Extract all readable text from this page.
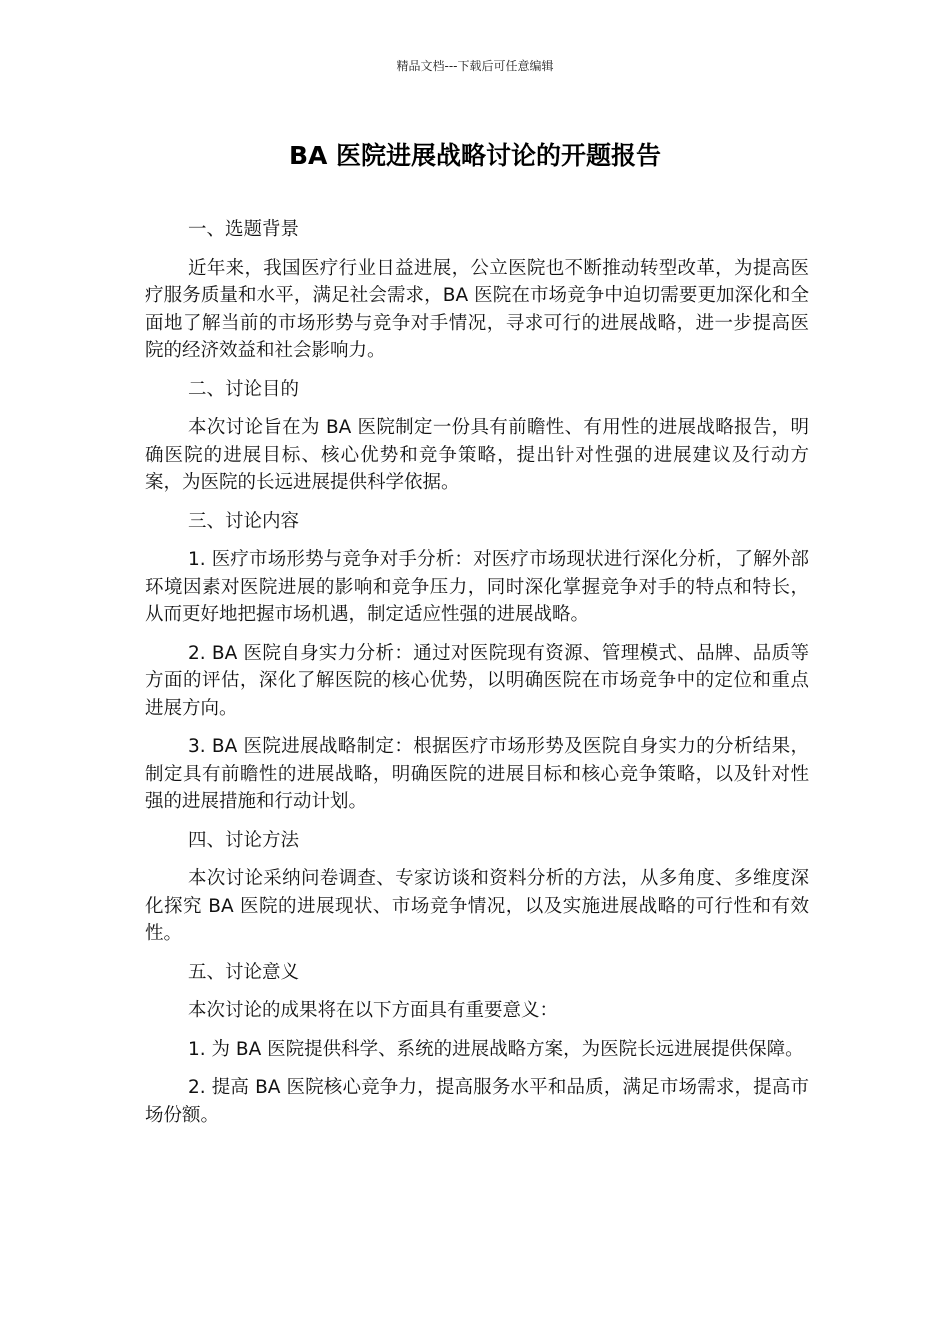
精品文档---下载后可任意编辑
BA 医院进展战略讨论的开题报告

一、选题背景

近年来，我国医疗行业日益进展，公立医院也不断推动转型改革，为提高医疗服务质量和水平，满足社会需求，BA 医院在市场竞争中迫切需要更加深化和全面地了解当前的市场形势与竞争对手情况，寻求可行的进展战略，进一步提高医院的经济效益和社会影响力。

二、讨论目的

本次讨论旨在为 BA 医院制定一份具有前瞻性、有用性的进展战略报告，明确医院的进展目标、核心优势和竞争策略，提出针对性强的进展建议及行动方案，为医院的长远进展提供科学依据。

三、讨论内容

1. 医疗市场形势与竞争对手分析：对医疗市场现状进行深化分析，了解外部环境因素对医院进展的影响和竞争压力，同时深化掌握竞争对手的特点和特长，从而更好地把握市场机遇，制定适应性强的进展战略。

2. BA 医院自身实力分析：通过对医院现有资源、管理模式、品牌、品质等方面的评估，深化了解医院的核心优势，以明确医院在市场竞争中的定位和重点进展方向。

3. BA 医院进展战略制定：根据医疗市场形势及医院自身实力的分析结果，制定具有前瞻性的进展战略，明确医院的进展目标和核心竞争策略，以及针对性强的进展措施和行动计划。

四、讨论方法

本次讨论采纳问卷调查、专家访谈和资料分析的方法，从多角度、多维度深化探究 BA 医院的进展现状、市场竞争情况，以及实施进展战略的可行性和有效性。

五、讨论意义

本次讨论的成果将在以下方面具有重要意义：

1. 为 BA 医院提供科学、系统的进展战略方案，为医院长远进展提供保障。

2. 提高 BA 医院核心竞争力，提高服务水平和品质，满足市场需求，提高市场份额。
